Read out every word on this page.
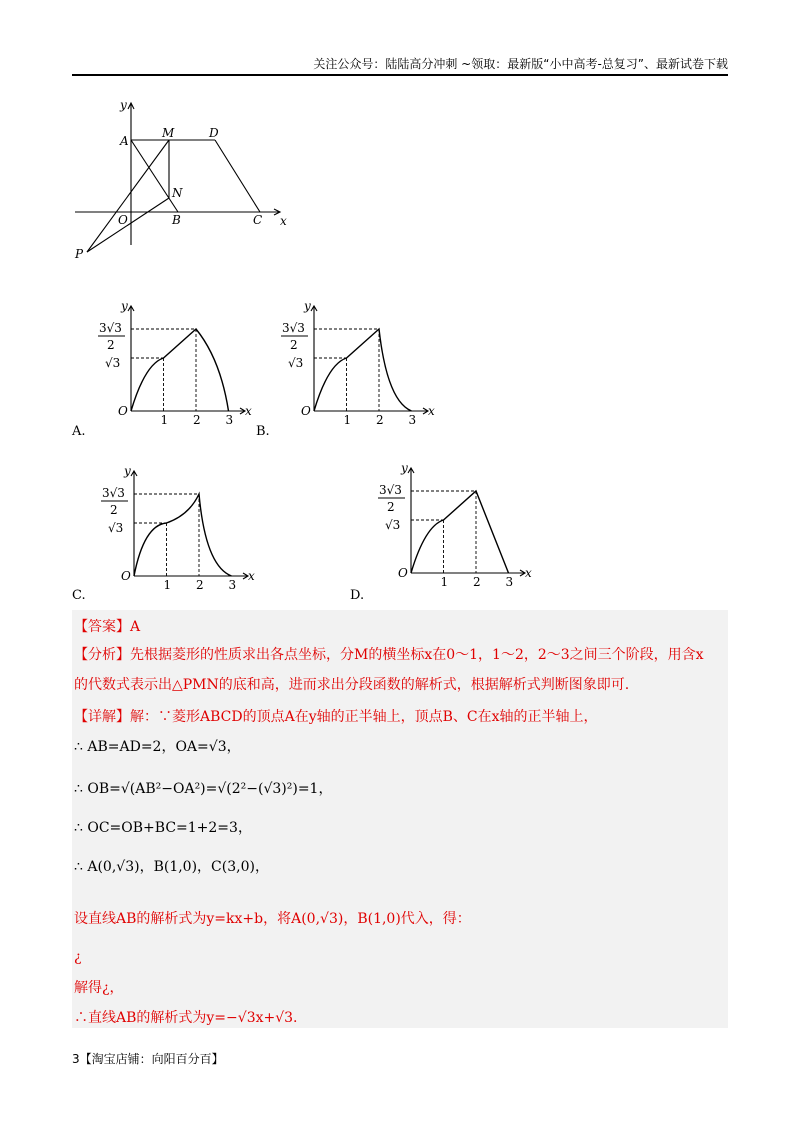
关注公众号：陆陆高分冲刺 ~领取：最新版“小中高考-总复习”、最新试卷下载
y
x
A
M	D
N
O	B	C
P
y
x
O
1 2 3
3√3
2
√3
y
x
O
1 2 3
3√3
2
√3
y
x
O
1 2 3
3√3
2
√3
y
x
O
1 2 3
3√3
2
√3
A.	B.
C.	D.
【答案】A
【分析】先根据菱形的性质求出各点坐标，分M的横坐标x在0～1，1～2，2～3之间三个阶段，用含x
的代数式表示出△PMN的底和高，进而求出分段函数的解析式，根据解析式判断图象即可.
【详解】解：∵菱形ABCD的顶点A在y轴的正半轴上，顶点B、C在x轴的正半轴上，
∴ AB=AD=2，OA=√3，
∴ OB=√(AB²−OA²)=√(2²−(√3)²)=1，
∴ OC=OB+BC=1+2=3，
∴ A(0,√3)，B(1,0)，C(3,0)，
设直线AB的解析式为y=kx+b，将A(0,√3)，B(1,0)代入，得：
¿
解得¿，
∴直线AB的解析式为y=−√3x+√3.
3【淘宝店铺：向阳百分百】
